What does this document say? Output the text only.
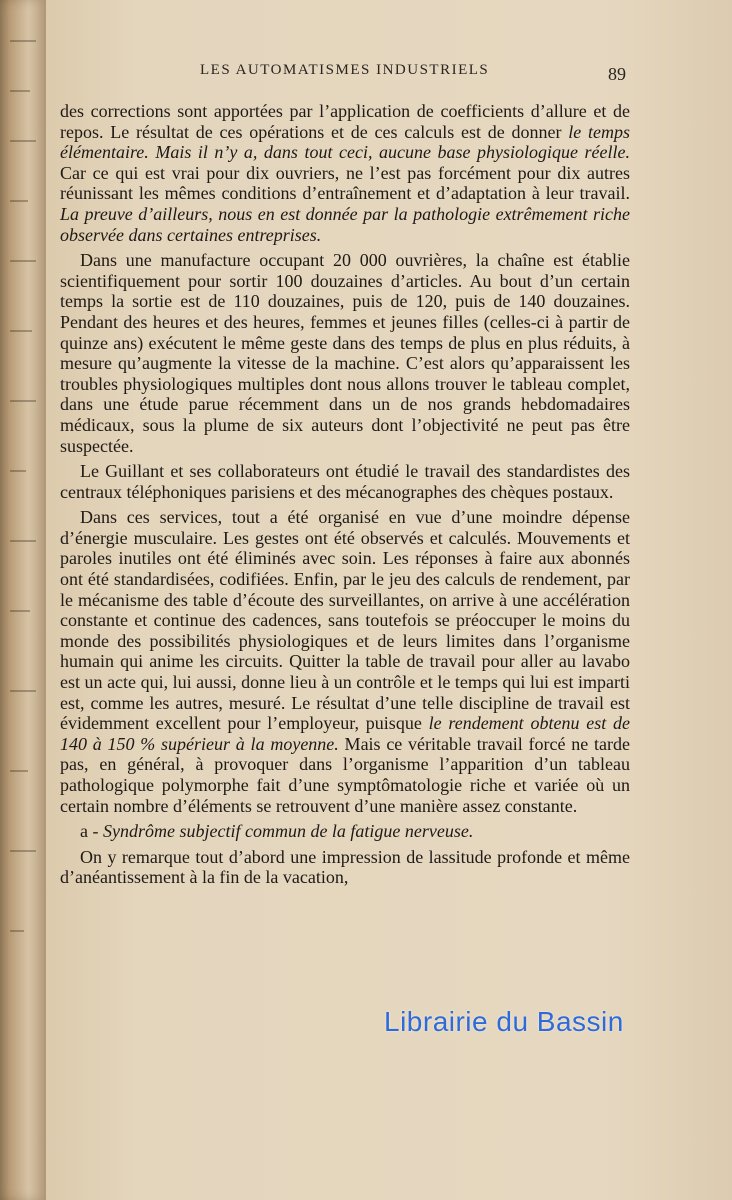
LES AUTOMATISMES INDUSTRIELS	89

des corrections sont apportées par l’application de coefficients d’allure et de repos. Le résultat de ces opérations et de ces calculs est de donner le temps élémentaire. Mais il n’y a, dans tout ceci, aucune base physiologique réelle. Car ce qui est vrai pour dix ouvriers, ne l’est pas forcément pour dix autres réunissant les mêmes conditions d’entraînement et d’adaptation à leur travail. La preuve d’ailleurs, nous en est donnée par la pathologie extrêmement riche observée dans certaines entreprises.

Dans une manufacture occupant 20 000 ouvrières, la chaîne est établie scientifiquement pour sortir 100 douzaines d’articles. Au bout d’un certain temps la sortie est de 110 douzaines, puis de 120, puis de 140 douzaines. Pendant des heures et des heures, femmes et jeunes filles (celles-ci à partir de quinze ans) exécutent le même geste dans des temps de plus en plus réduits, à mesure qu’augmente la vitesse de la machine. C’est alors qu’apparaissent les troubles physiologiques multiples dont nous allons trouver le tableau complet, dans une étude parue récemment dans un de nos grands hebdomadaires médicaux, sous la plume de six auteurs dont l’objectivité ne peut pas être suspectée.

Le Guillant et ses collaborateurs ont étudié le travail des standardistes des centraux téléphoniques parisiens et des mécanographes des chèques postaux.

Dans ces services, tout a été organisé en vue d’une moindre dépense d’énergie musculaire. Les gestes ont été observés et calculés. Mouvements et paroles inutiles ont été éliminés avec soin. Les réponses à faire aux abonnés ont été standardisées, codifiées. Enfin, par le jeu des calculs de rendement, par le mécanisme des table d’écoute des surveillantes, on arrive à une accélération constante et continue des cadences, sans toutefois se préoccuper le moins du monde des possibilités physiologiques et de leurs limites dans l’organisme humain qui anime les circuits. Quitter la table de travail pour aller au lavabo est un acte qui, lui aussi, donne lieu à un contrôle et le temps qui lui est imparti est, comme les autres, mesuré. Le résultat d’une telle discipline de travail est évidemment excellent pour l’employeur, puisque le rendement obtenu est de 140 à 150 % supérieur à la moyenne. Mais ce véritable travail forcé ne tarde pas, en général, à provoquer dans l’organisme l’apparition d’un tableau pathologique polymorphe fait d’une symptômatologie riche et variée où un certain nombre d’éléments se retrouvent d’une manière assez constante.

a - Syndrôme subjectif commun de la fatigue nerveuse.

On y remarque tout d’abord une impression de lassitude profonde et même d’anéantissement à la fin de la vacation,

Librairie du Bassin
